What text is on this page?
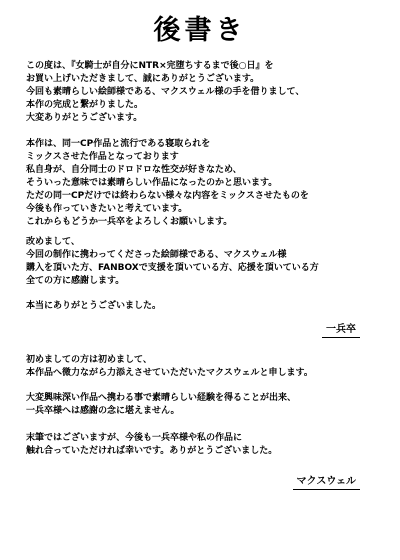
後書き
この度は、『女騎士が自分にNTR×完堕ちするまで後○日』を
お買い上げいただきまして、誠にありがとうございます。
今回も素晴らしい絵師様である、マクスウェル様の手を借りまして、
本作の完成と繋がりました。
大変ありがとうございます。
本作は、同一CP作品と流行である寝取られを
ミックスさせた作品となっております
私自身が、自分同士のドロドロな性交が好きなため、
そういった意味では素晴らしい作品になったのかと思います。
ただの同一CPだけでは終わらない様々な内容をミックスさせたものを
今後も作っていきたいと考えています。
これからもどうか一兵卒をよろしくお願いします。
改めまして、
今回の制作に携わってくださった絵師様である、マクスウェル様
購入を頂いた方、FANBOXで支援を頂いている方、応援を頂いている方
全ての方に感謝します。
本当にありがとうございました。
一兵卒
初めましての方は初めまして、
本作品へ微力ながら力添えさせていただいたマクスウェルと申します。
大変興味深い作品へ携わる事で素晴らしい経験を得ることが出来、
一兵卒様へは感謝の念に堪えません。
末筆ではございますが、今後も一兵卒様や私の作品に
触れ合っていただければ幸いです。ありがとうございました。
マクスウェル
